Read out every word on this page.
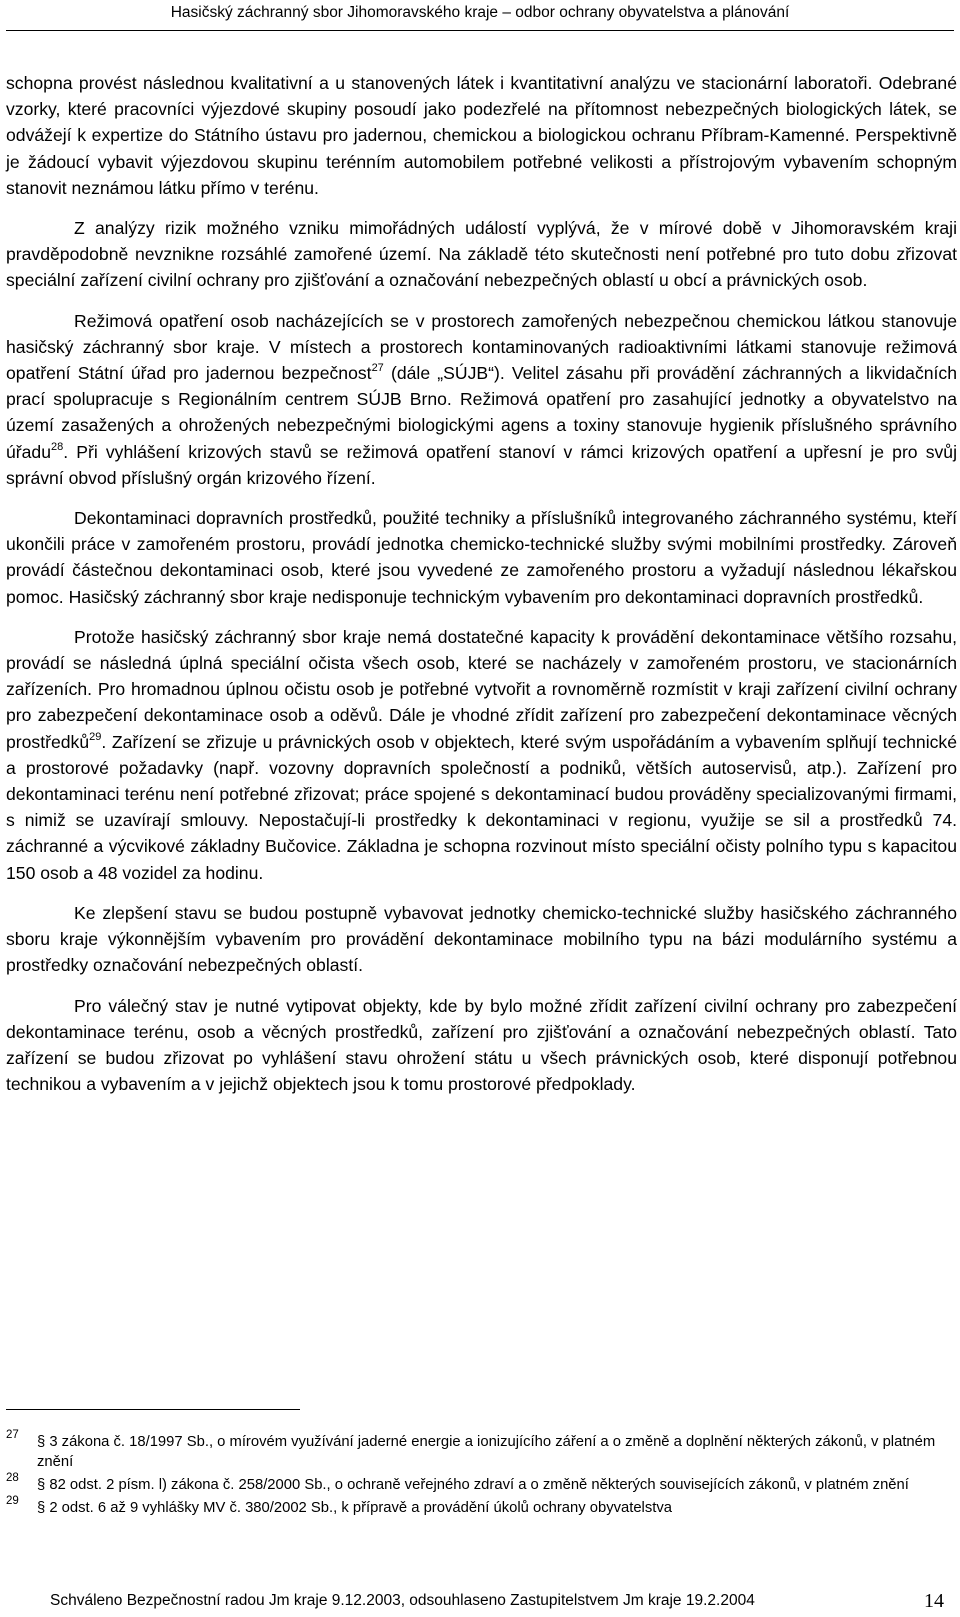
Hasičský záchranný sbor Jihomoravského kraje – odbor ochrany obyvatelstva a plánování

schopna provést následnou kvalitativní a u stanovených látek i kvantitativní analýzu ve stacionární laboratoři. Odebrané vzorky, které pracovníci výjezdové skupiny posoudí jako podezřelé na přítomnost nebezpečných biologických látek, se odvážejí k expertize do Státního ústavu pro jadernou, chemickou a biologickou ochranu Příbram-Kamenné. Perspektivně je žádoucí vybavit výjezdovou skupinu terénním automobilem potřebné velikosti a přístrojovým vybavením schopným stanovit neznámou látku přímo v terénu.

Z analýzy rizik možného vzniku mimořádných událostí vyplývá, že v mírové době v Jihomoravském kraji pravděpodobně nevznikne rozsáhlé zamořené území. Na základě této skutečnosti není potřebné pro tuto dobu zřizovat speciální zařízení civilní ochrany pro zjišťování a označování nebezpečných oblastí u obcí a právnických osob.

Režimová opatření osob nacházejících se v prostorech zamořených nebezpečnou chemickou látkou stanovuje hasičský záchranný sbor kraje. V místech a prostorech kontaminovaných radioaktivními látkami stanovuje režimová opatření Státní úřad pro jadernou bezpečnost$^{27}$ (dále „SÚJB“). Velitel zásahu při provádění záchranných a likvidačních prací spolupracuje s Regionálním centrem SÚJB Brno. Režimová opatření pro zasahující jednotky a obyvatelstvo na území zasažených a ohrožených nebezpečnými biologickými agens a toxiny stanovuje hygienik příslušného správního úřadu$^{28}$. Při vyhlášení krizových stavů se režimová opatření stanoví v rámci krizových opatření a upřesní je pro svůj správní obvod příslušný orgán krizového řízení.

Dekontaminaci dopravních prostředků, použité techniky a příslušníků integrovaného záchranného systému, kteří ukončili práce v zamořeném prostoru, provádí jednotka chemicko-technické služby svými mobilními prostředky. Zároveň provádí částečnou dekontaminaci osob, které jsou vyvedené ze zamořeného prostoru a vyžadují následnou lékařskou pomoc. Hasičský záchranný sbor kraje nedisponuje technickým vybavením pro dekontaminaci dopravních prostředků.

Protože hasičský záchranný sbor kraje nemá dostatečné kapacity k provádění dekontaminace většího rozsahu, provádí se následná úplná speciální očista všech osob, které se nacházely v zamořeném prostoru, ve stacionárních zařízeních. Pro hromadnou úplnou očistu osob je potřebné vytvořit a rovnoměrně rozmístit v kraji zařízení civilní ochrany pro zabezpečení dekontaminace osob a oděvů. Dále je vhodné zřídit zařízení pro zabezpečení dekontaminace věcných prostředků$^{29}$. Zařízení se zřizuje u právnických osob v objektech, které svým uspořádáním a vybavením splňují technické a prostorové požadavky (např. vozovny dopravních společností a podniků, větších autoservisů, atp.). Zařízení pro dekontaminaci terénu není potřebné zřizovat; práce spojené s dekontaminací budou prováděny specializovanými firmami, s nimiž se uzavírají smlouvy. Nepostačují-li prostředky k dekontaminaci v regionu, využije se sil a prostředků 74. záchranné a výcvikové základny Bučovice. Základna je schopna rozvinout místo speciální očisty polního typu s kapacitou 150 osob a 48 vozidel za hodinu.

Ke zlepšení stavu se budou postupně vybavovat jednotky chemicko-technické služby hasičského záchranného sboru kraje výkonnějším vybavením pro provádění dekontaminace mobilního typu na bázi modulárního systému a prostředky označování nebezpečných oblastí.

Pro válečný stav je nutné vytipovat objekty, kde by bylo možné zřídit zařízení civilní ochrany pro zabezpečení dekontaminace terénu, osob a věcných prostředků, zařízení pro zjišťování a označování nebezpečných oblastí. Tato zařízení se budou zřizovat po vyhlášení stavu ohrožení státu u všech právnických osob, které disponují potřebnou technikou a vybavením a v jejichž objektech jsou k tomu prostorové předpoklady.

27	§ 3 zákona č. 18/1997 Sb., o mírovém využívání jaderné energie a ionizujícího záření a o změně a doplnění některých zákonů, v platném znění
28	§ 82 odst. 2 písm. l) zákona č. 258/2000 Sb., o ochraně veřejného zdraví a o změně některých souvisejících zákonů, v platném znění
29	§ 2 odst. 6 až 9 vyhlášky MV č. 380/2002 Sb., k přípravě a provádění úkolů ochrany obyvatelstva
Schváleno Bezpečnostní radou Jm kraje 9.12.2003, odsouhlaseno Zastupitelstvem Jm kraje 19.2.2004	14
